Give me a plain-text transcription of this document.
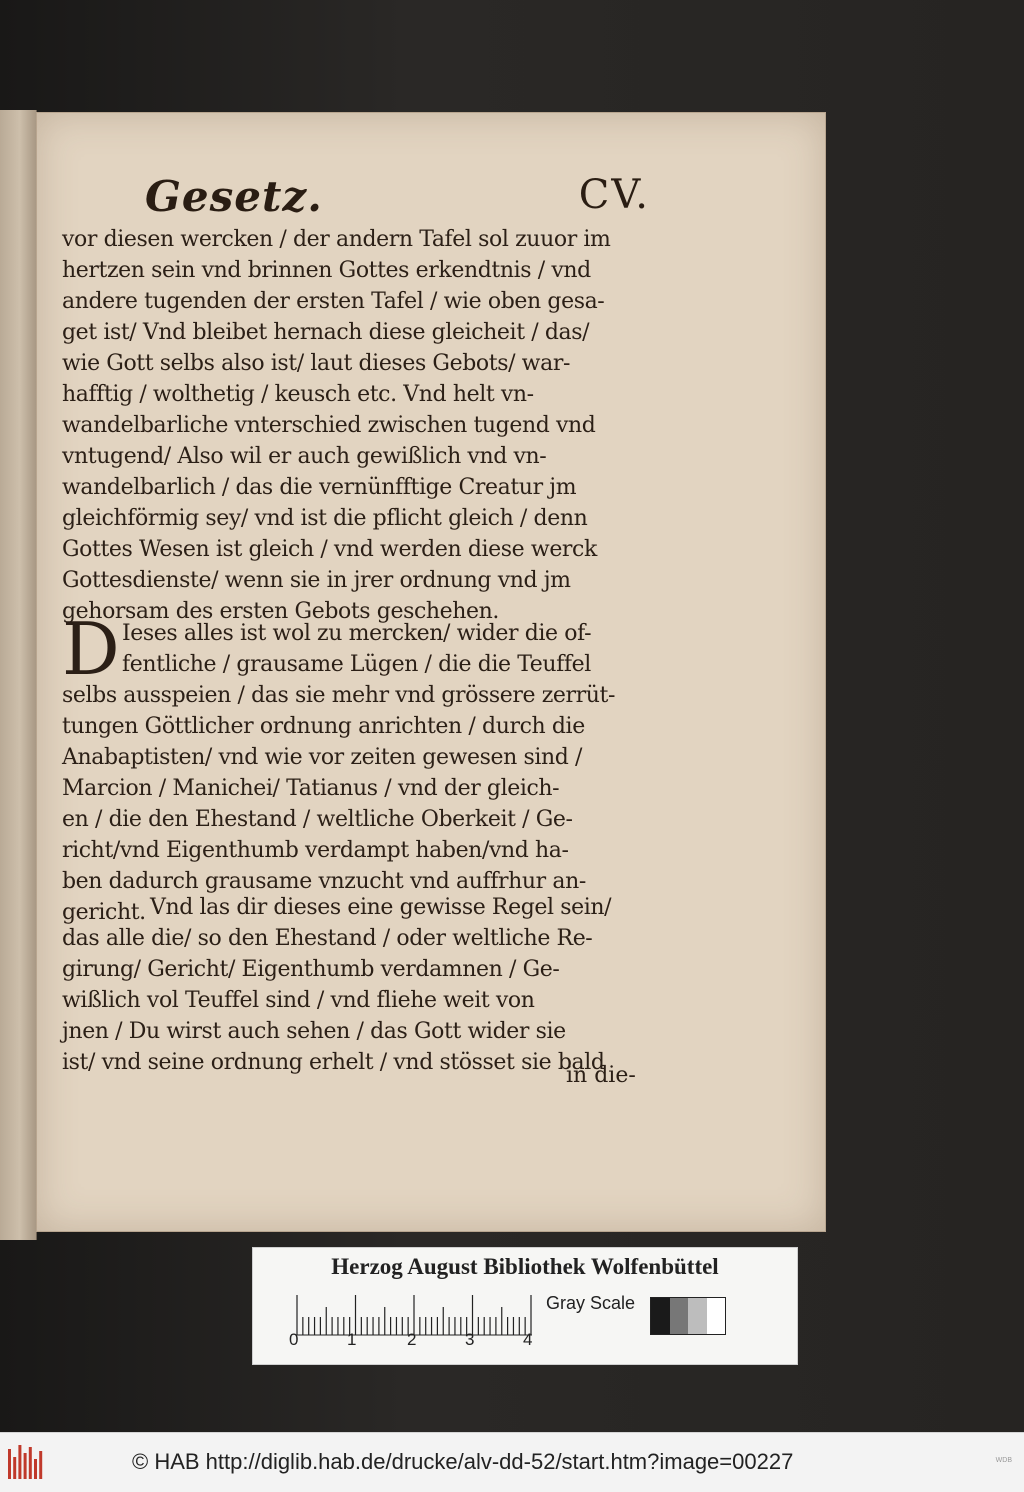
Gesetz.	CV.
vor diesen wercken / der andern Tafel sol zuuor im
hertzen sein vnd brinnen Gottes erkendtnis / vnd
andere tugenden der ersten Tafel / wie oben gesa-
get ist/ Vnd bleibet hernach diese gleicheit / das/
wie Gott selbs also ist/ laut dieses Gebots/ war-
hafftig / wolthetig / keusch etc. Vnd helt vn-
wandelbarliche vnterschied zwischen tugend vnd
vntugend/ Also wil er auch gewißlich vnd vn-
wandelbarlich / das die vernünfftige Creatur jm
gleichförmig sey/ vnd ist die pflicht gleich / denn
Gottes Wesen ist gleich / vnd werden diese werck
Gottesdienste/ wenn sie in jrer ordnung vnd jm
gehorsam des ersten Gebots geschehen.
D Ieses alles ist wol zu mercken/ wider die of-
fentliche / grausame Lügen / die die Teuffel
selbs ausspeien / das sie mehr vnd grössere zerrüt-
tungen Göttlicher ordnung anrichten / durch die
Anabaptisten/ vnd wie vor zeiten gewesen sind /
Marcion / Manichei/ Tatianus / vnd der gleich-
en / die den Ehestand / weltliche Oberkeit / Ge-
richt/vnd Eigenthumb verdampt haben/vnd ha-
ben dadurch grausame vnzucht vnd auffrhur an-
gericht. Vnd las dir dieses eine gewisse Regel sein/
das alle die/ so den Ehestand / oder weltliche Re-
girung/ Gericht/ Eigenthumb verdamnen / Ge-
wißlich vol Teuffel sind / vnd fliehe weit von
jnen / Du wirst auch sehen / das Gott wider sie
ist/ vnd seine ordnung erhelt / vnd stösset sie bald
in die-
Herzog August Bibliothek Wolfenbüttel
0	1	2	3	4
Gray Scale
© HAB http://diglib.hab.de/drucke/alv-dd-52/start.htm?image=00227	WDB
